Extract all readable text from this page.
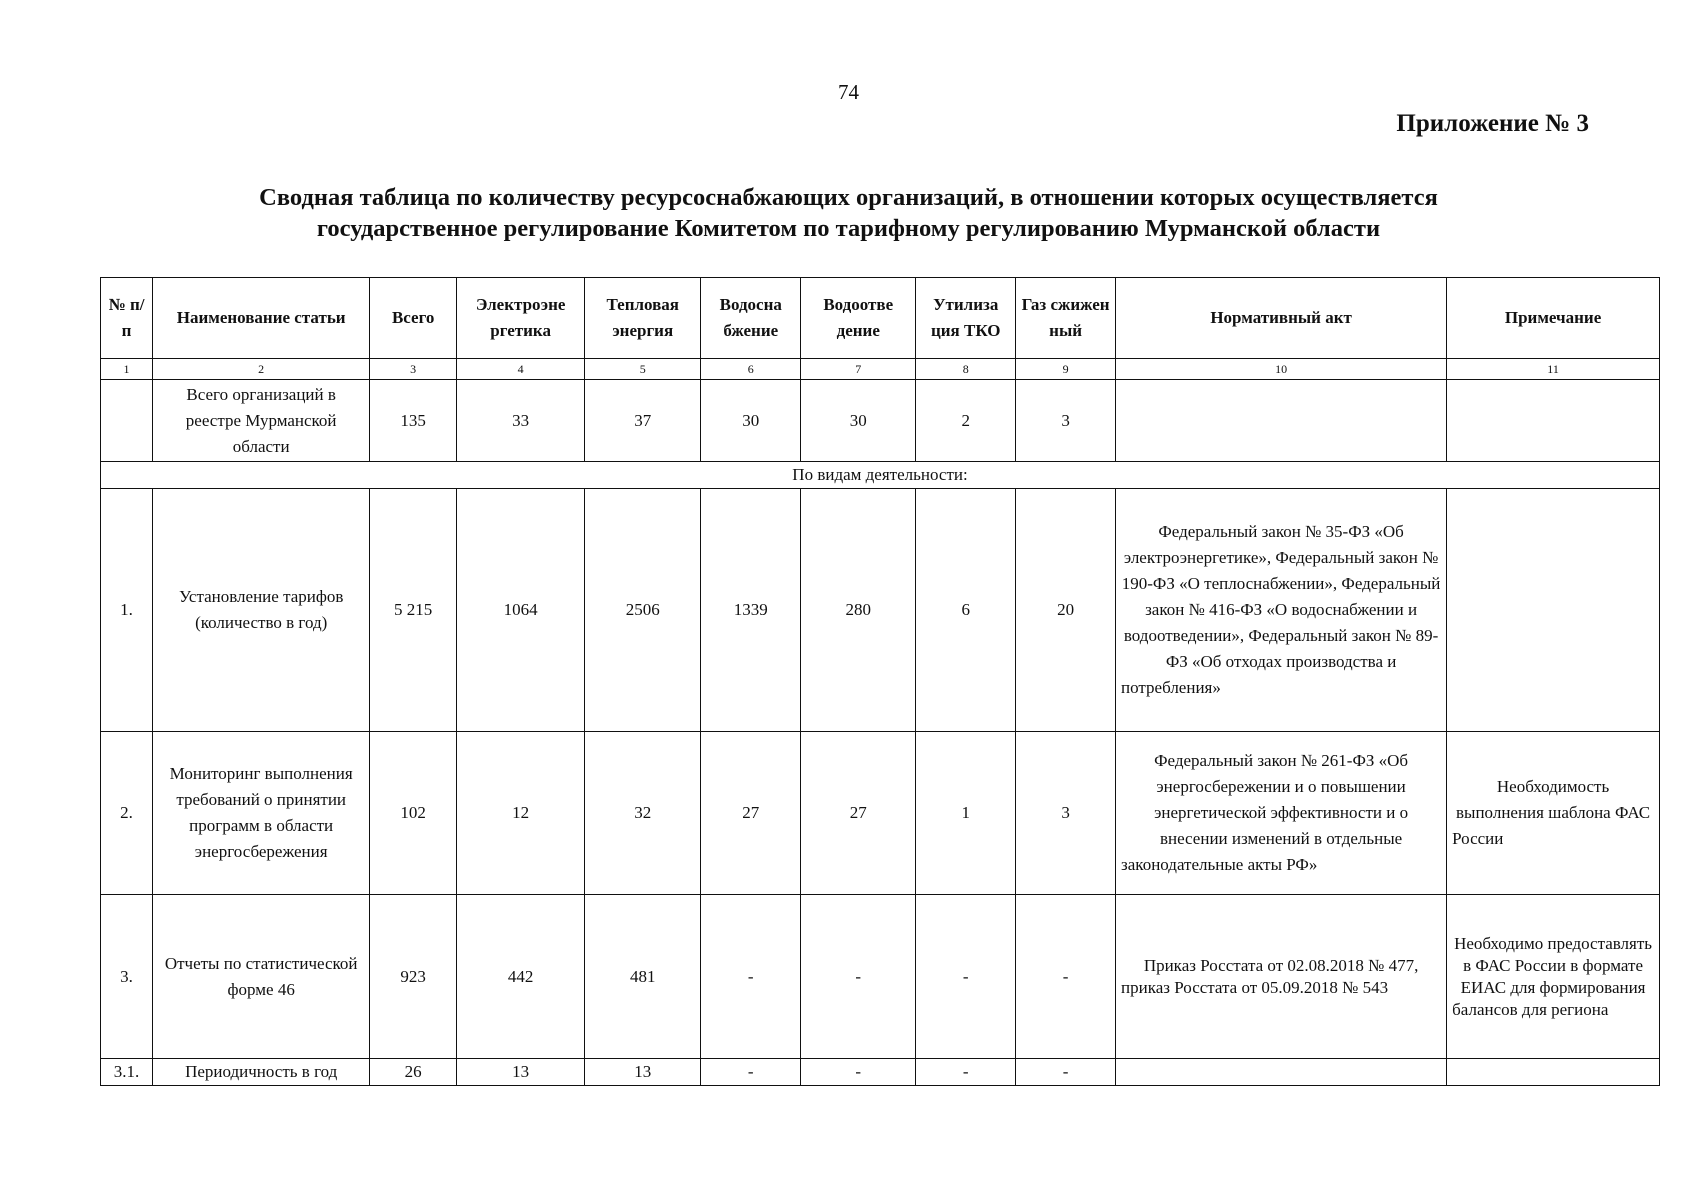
74
Приложение № 3
Сводная таблица по количеству ресурсоснабжающих организаций, в отношении которых осуществляется
государственное регулирование Комитетом по тарифному регулированию Мурманской области
№ п/п	Наименование статьи	Всего	Электроэне ргетика	Тепловая энергия	Водосна бжение	Водоотве дение	Утилиза ция ТКО	Газ сжижен ный	Нормативный акт	Примечание
1	2	3	4	5	6	7	8	9	10	11
	Всего организаций в реестре Мурманской области	135	33	37	30	30	2	3		
По видам деятельности:										
1.	Установление тарифов (количество в год)	5 215	1064	2506	1339	280	6	20	Федеральный закон № 35-ФЗ «Об электроэнергетике», Федеральный закон № 190-ФЗ «О теплоснабжении», Федеральный закон № 416-ФЗ «О водоснабжении и водоотведении», Федеральный закон № 89-ФЗ «Об отходах производства и потребления»	
2.	Мониторинг выполнения требований о принятии программ в области энергосбережения	102	12	32	27	27	1	3	Федеральный закон № 261-ФЗ «Об энергосбережении и о повышении энергетической эффективности и о внесении изменений в отдельные законодательные акты РФ»	Необходимость выполнения шаблона ФАС России
3.	Отчеты по статистической форме 46	923	442	481	-	-	-	-	Приказ Росстата от 02.08.2018 № 477, приказ Росстата от 05.09.2018 № 543	Необходимо предоставлять в ФАС России в формате ЕИАС для формирования балансов для региона
3.1.	Периодичность в год	26	13	13	-	-	-	-		
